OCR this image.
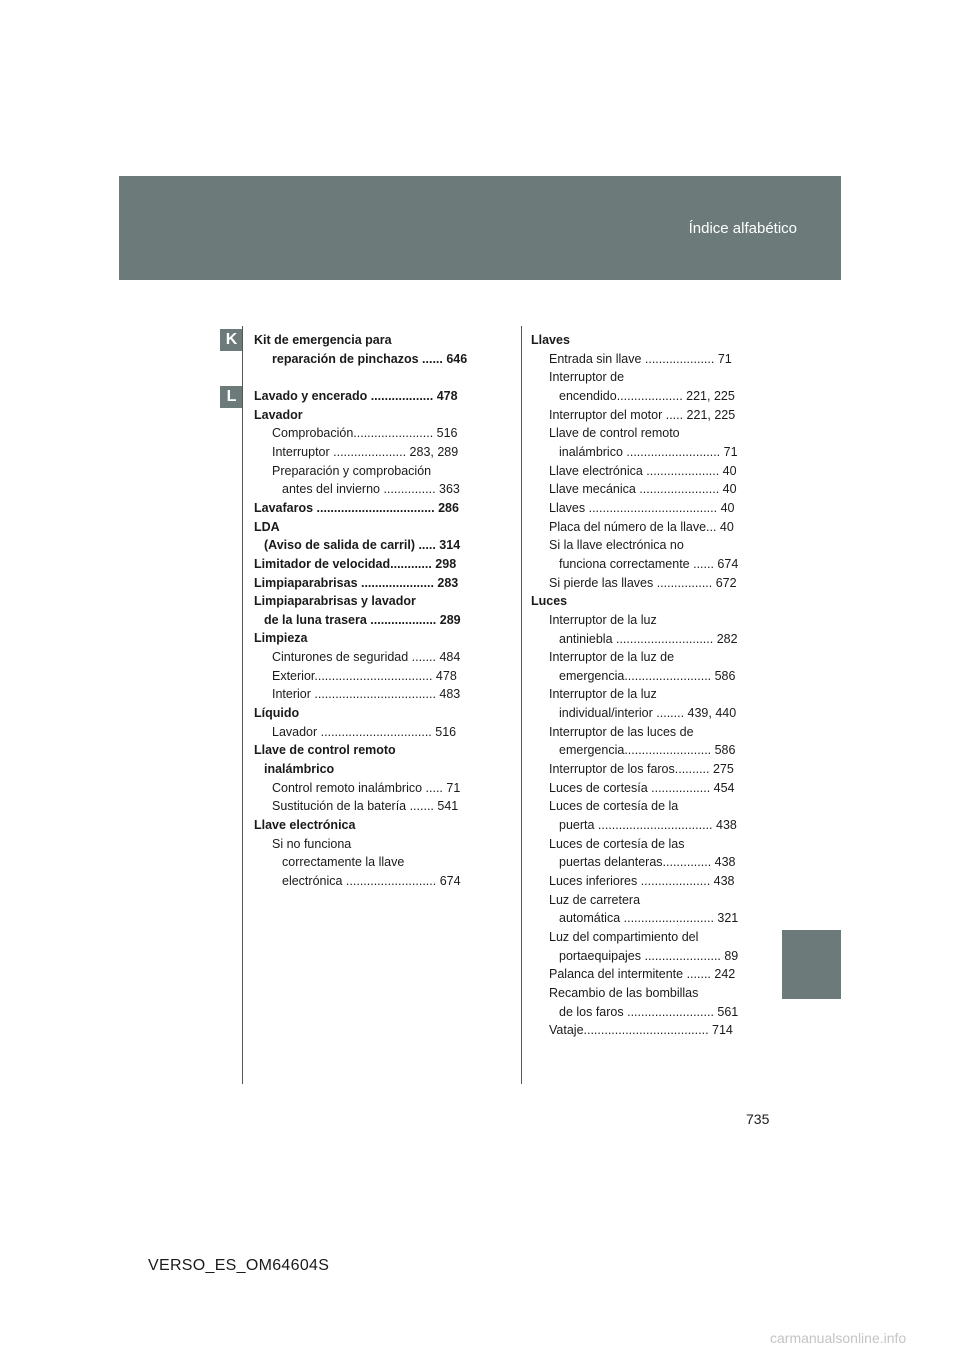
Índice alfabético
K
L
Kit de emergencia para
reparación de pinchazos ...... 646
Lavado y encerado .................. 478
Lavador
Comprobación....................... 516
Interruptor ..................... 283, 289
Preparación y comprobación
antes del invierno ............... 363
Lavafaros .................................. 286
LDA
(Aviso de salida de carril) ..... 314
Limitador de velocidad............ 298
Limpiaparabrisas ..................... 283
Limpiaparabrisas y lavador
de la luna trasera ................... 289
Limpieza
Cinturones de seguridad ....... 484
Exterior.................................. 478
Interior ................................... 483
Líquido
Lavador ................................ 516
Llave de control remoto
inalámbrico
Control remoto inalámbrico ..... 71
Sustitución de la batería ....... 541
Llave electrónica
Si no funciona
correctamente la llave
electrónica .......................... 674
Llaves
Entrada sin llave .................... 71
Interruptor de
encendido................... 221, 225
Interruptor del motor ..... 221, 225
Llave de control remoto
inalámbrico ........................... 71
Llave electrónica ..................... 40
Llave mecánica ....................... 40
Llaves ..................................... 40
Placa del número de la llave... 40
Si la llave electrónica no
funciona correctamente ...... 674
Si pierde las llaves ................ 672
Luces
Interruptor de la luz
antiniebla ............................ 282
Interruptor de la luz de
emergencia......................... 586
Interruptor de la luz
individual/interior ........ 439, 440
Interruptor de las luces de
emergencia......................... 586
Interruptor de los faros.......... 275
Luces de cortesía ................. 454
Luces de cortesía de la
puerta ................................. 438
Luces de cortesía de las
puertas delanteras.............. 438
Luces inferiores .................... 438
Luz de carretera
automática .......................... 321
Luz del compartimiento del
portaequipajes ...................... 89
Palanca del intermitente ....... 242
Recambio de las bombillas
de los faros ......................... 561
Vataje.................................... 714
735
VERSO_ES_OM64604S
carmanualsonline.info
